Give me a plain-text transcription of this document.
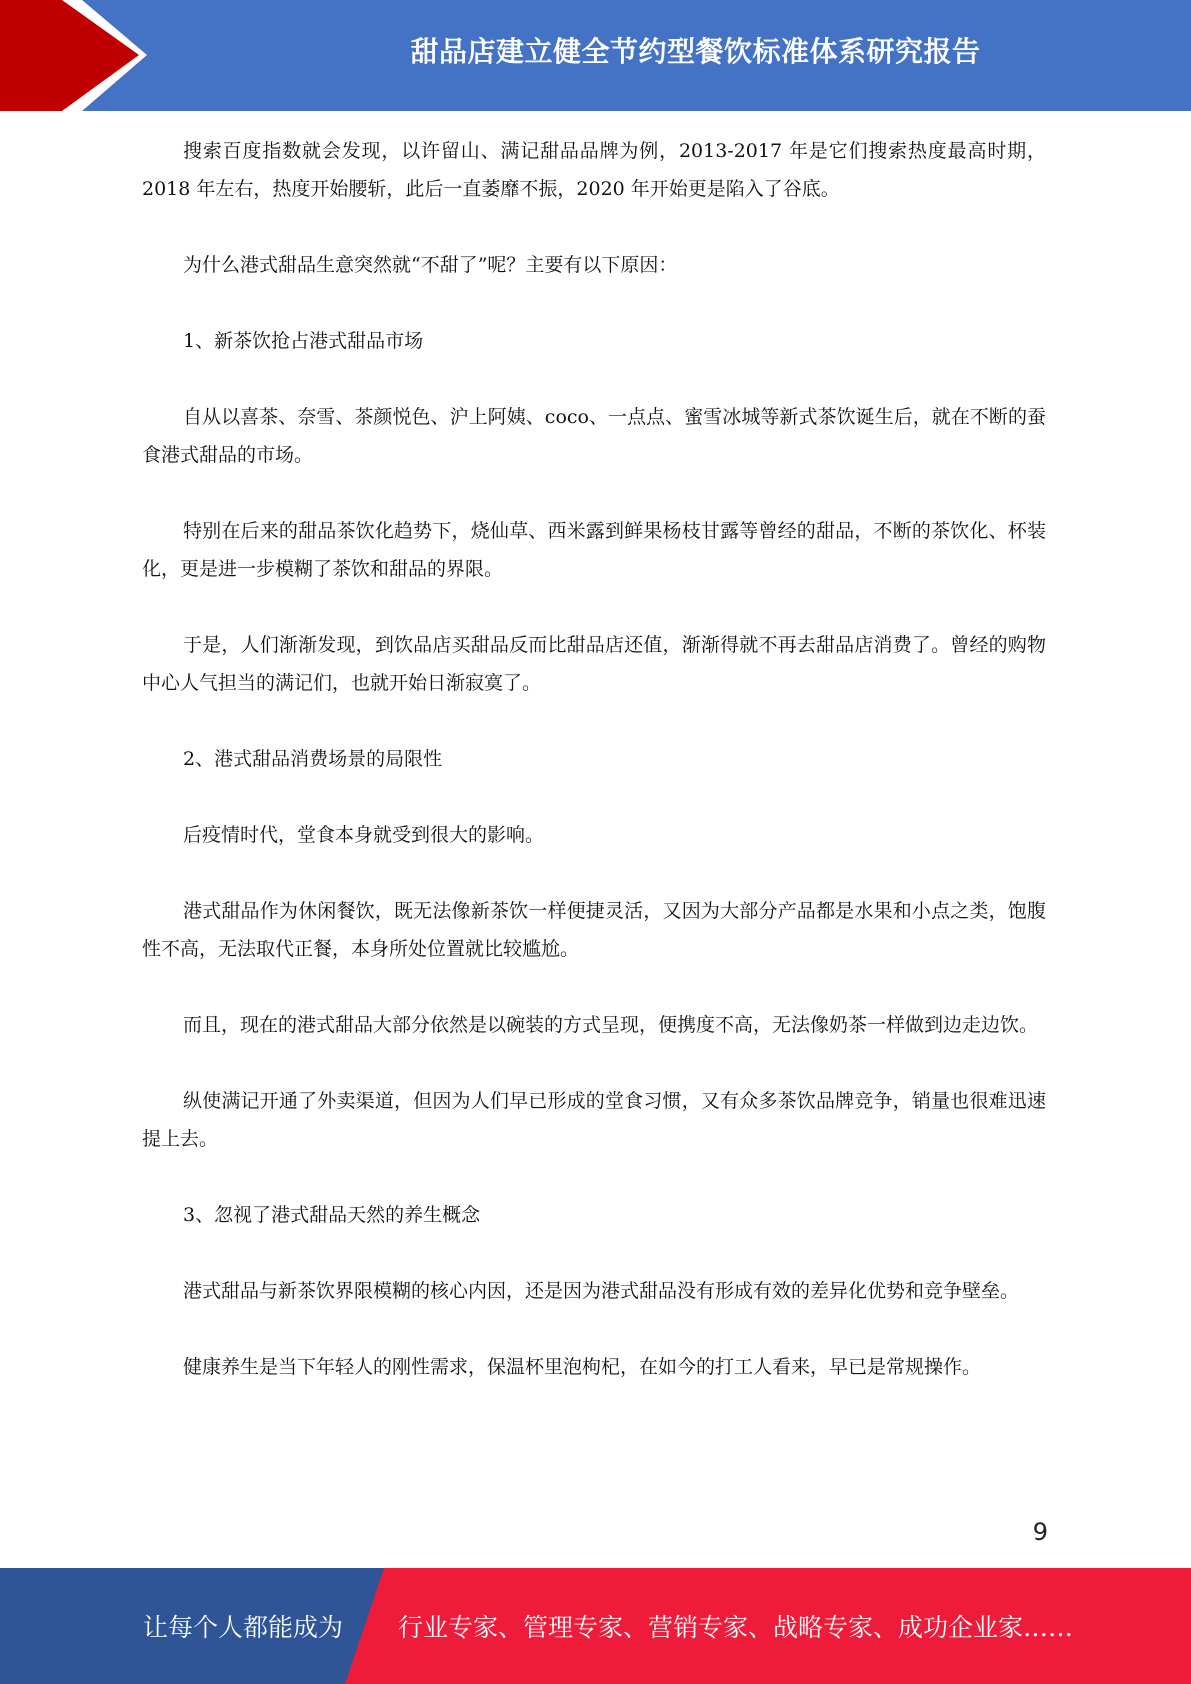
甜品店建立健全节约型餐饮标准体系研究报告

搜索百度指数就会发现，以许留山、满记甜品品牌为例，2013-2017 年是它们搜索热度最高时期，2018 年左右，热度开始腰斩，此后一直萎靡不振，2020 年开始更是陷入了谷底。

为什么港式甜品生意突然就“不甜了”呢？主要有以下原因：

1、新茶饮抢占港式甜品市场

自从以喜茶、奈雪、茶颜悦色、沪上阿姨、coco、一点点、蜜雪冰城等新式茶饮诞生后，就在不断的蚕食港式甜品的市场。

特别在后来的甜品茶饮化趋势下，烧仙草、西米露到鲜果杨枝甘露等曾经的甜品，不断的茶饮化、杯装化，更是进一步模糊了茶饮和甜品的界限。

于是，人们渐渐发现，到饮品店买甜品反而比甜品店还值，渐渐得就不再去甜品店消费了。曾经的购物中心人气担当的满记们，也就开始日渐寂寞了。

2、港式甜品消费场景的局限性

后疫情时代，堂食本身就受到很大的影响。

港式甜品作为休闲餐饮，既无法像新茶饮一样便捷灵活，又因为大部分产品都是水果和小点之类，饱腹性不高，无法取代正餐，本身所处位置就比较尴尬。

而且，现在的港式甜品大部分依然是以碗装的方式呈现，便携度不高，无法像奶茶一样做到边走边饮。

纵使满记开通了外卖渠道，但因为人们早已形成的堂食习惯，又有众多茶饮品牌竞争，销量也很难迅速提上去。

3、忽视了港式甜品天然的养生概念

港式甜品与新茶饮界限模糊的核心内因，还是因为港式甜品没有形成有效的差异化优势和竞争壁垒。

健康养生是当下年轻人的刚性需求，保温杯里泡枸杞，在如今的打工人看来，早已是常规操作。

9
让每个人都能成为 行业专家、管理专家、营销专家、战略专家、成功企业家……
